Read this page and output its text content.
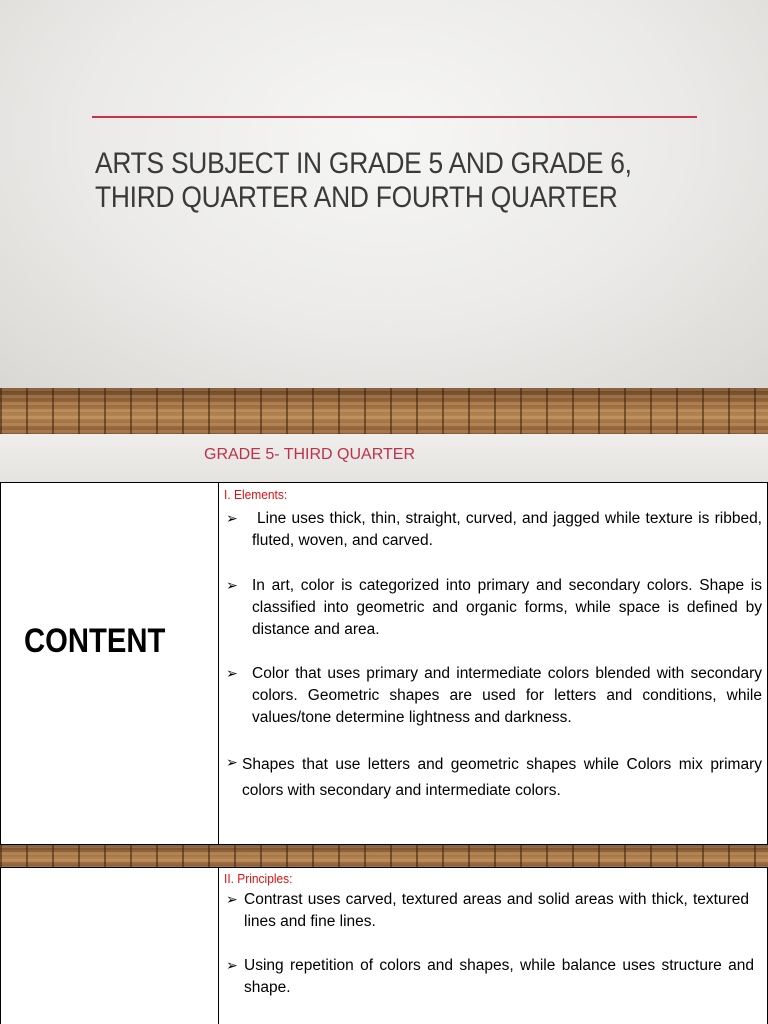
ARTS SUBJECT IN GRADE 5 AND GRADE 6,
THIRD QUARTER AND FOURTH QUARTER
GRADE 5- THIRD QUARTER
CONTENT
I. Elements:
➢	Line uses thick, thin, straight, curved, and jagged while texture is ribbed, fluted, woven, and carved.
➢ In art, color is categorized into primary and secondary colors. Shape is classified into geometric and organic forms, while space is defined by distance and area.
➢ Color that uses primary and intermediate colors blended with secondary colors. Geometric shapes are used for letters and conditions, while values/tone determine lightness and darkness.
➢ Shapes that use letters and geometric shapes while Colors mix primary colors with secondary and intermediate colors.
II. Principles:
➢ Contrast uses carved, textured areas and solid areas with thick, textured lines and fine lines.
➢ Using repetition of colors and shapes, while balance uses structure and shape.
